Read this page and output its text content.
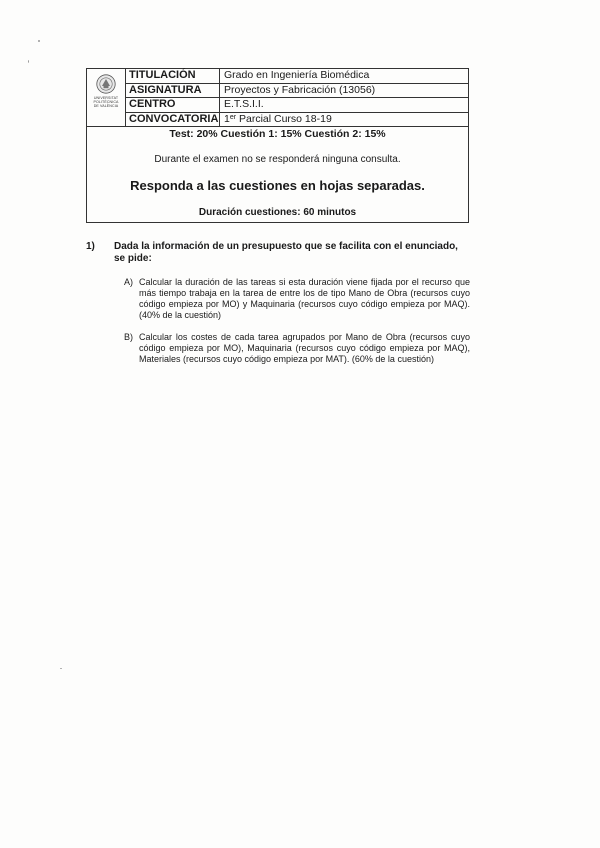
UNIVERSITAT
POLITÈCNICA
DE VALÈNCIA
TITULACIÓN	Grado en Ingeniería Biomédica
ASIGNATURA	Proyectos y Fabricación (13056)
CENTRO	E.T.S.I.I.
CONVOCATORIA 1er Parcial Curso 18-19
Test: 20% Cuestión 1: 15% Cuestión 2: 15%
Durante el examen no se responderá ninguna consulta.
Responda a las cuestiones en hojas separadas.
Duración cuestiones: 60 minutos
1) Dada la información de un presupuesto que se facilita con el enunciado, se pide:
A) Calcular la duración de las tareas si esta duración viene fijada por el recurso que más tiempo trabaja en la tarea de entre los de tipo Mano de Obra (recursos cuyo código empieza por MO) y Maquinaria (recursos cuyo código empieza por MAQ). (40% de la cuestión)
B) Calcular los costes de cada tarea agrupados por Mano de Obra (recursos cuyo código empieza por MO), Maquinaria (recursos cuyo código empieza por MAQ), Materiales (recursos cuyo código empieza por MAT). (60% de la cuestión)
